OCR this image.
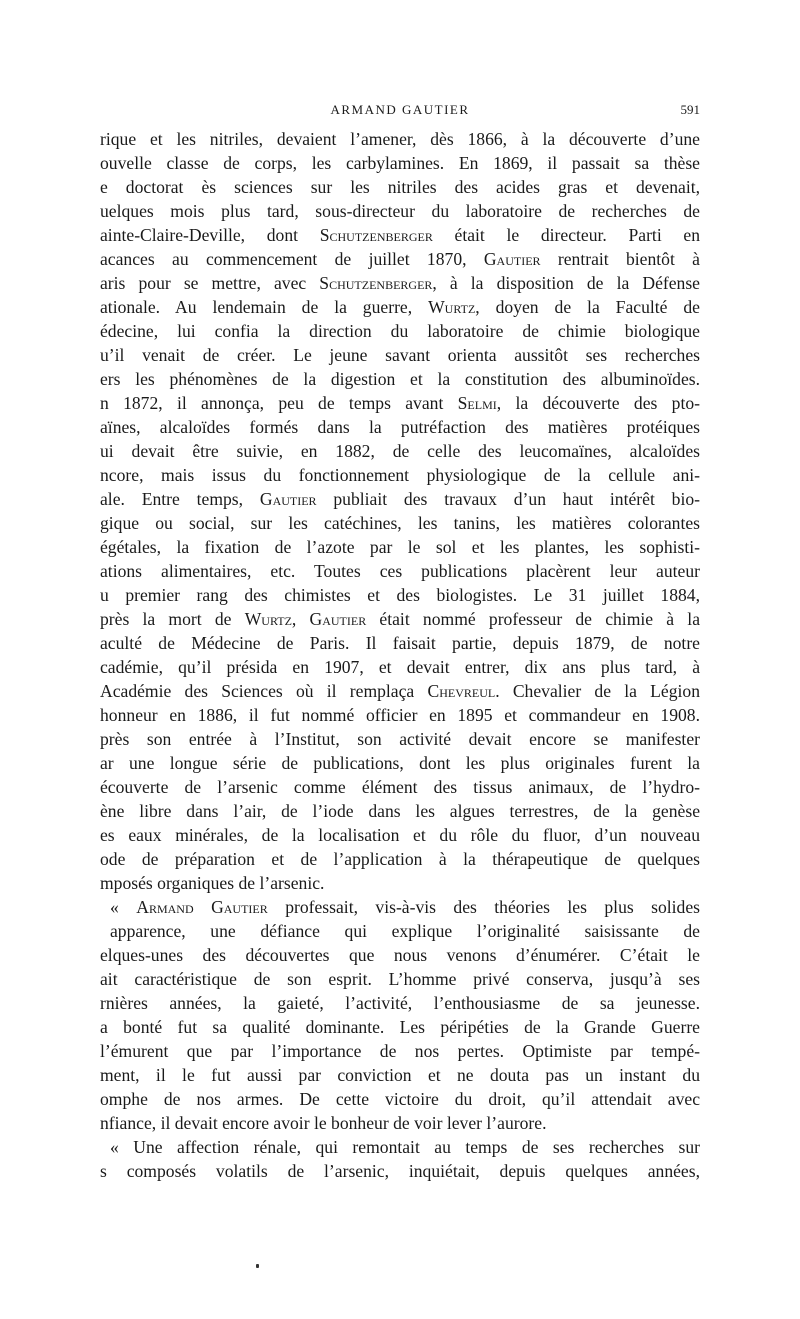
ARMAND GAUTIER	591
rique et les nitriles, devaient l’amener, dès 1866, à la découverte d’une
ouvelle classe de corps, les carbylamines. En 1869, il passait sa thèse
e doctorat ès sciences sur les nitriles des acides gras et devenait,
uelques mois plus tard, sous-directeur du laboratoire de recherches de
ainte-Claire-Deville, dont Schutzenberger était le directeur. Parti en
acances au commencement de juillet 1870, Gautier rentrait bientôt à
aris pour se mettre, avec Schutzenberger, à la disposition de la Défense
ationale. Au lendemain de la guerre, Wurtz, doyen de la Faculté de
édecine, lui confia la direction du laboratoire de chimie biologique
u’il venait de créer. Le jeune savant orienta aussitôt ses recherches
ers les phénomènes de la digestion et la constitution des albuminoïdes.
n 1872, il annonça, peu de temps avant Selmi, la découverte des pto-
aïnes, alcaloïdes formés dans la putréfaction des matières protéiques
ui devait être suivie, en 1882, de celle des leucomaïnes, alcaloïdes
ncore, mais issus du fonctionnement physiologique de la cellule ani-
ale. Entre temps, Gautier publiait des travaux d’un haut intérêt bio-
gique ou social, sur les catéchines, les tanins, les matières colorantes
égétales, la fixation de l’azote par le sol et les plantes, les sophisti-
ations alimentaires, etc. Toutes ces publications placèrent leur auteur
u premier rang des chimistes et des biologistes. Le 31 juillet 1884,
près la mort de Wurtz, Gautier était nommé professeur de chimie à la
aculté de Médecine de Paris. Il faisait partie, depuis 1879, de notre
cadémie, qu’il présida en 1907, et devait entrer, dix ans plus tard, à
Académie des Sciences où il remplaça Chevreul. Chevalier de la Légion
honneur en 1886, il fut nommé officier en 1895 et commandeur en 1908.
près son entrée à l’Institut, son activité devait encore se manifester
ar une longue série de publications, dont les plus originales furent la
écouverte de l’arsenic comme élément des tissus animaux, de l’hydro-
ène libre dans l’air, de l’iode dans les algues terrestres, de la genèse
es eaux minérales, de la localisation et du rôle du fluor, d’un nouveau
ode de préparation et de l’application à la thérapeutique de quelques
mposés organiques de l’arsenic.
« Armand Gautier professait, vis-à-vis des théories les plus solides
apparence, une défiance qui explique l’originalité saisissante de
elques-unes des découvertes que nous venons d’énumérer. C’était le
ait caractéristique de son esprit. L’homme privé conserva, jusqu’à ses
rnières années, la gaieté, l’activité, l’enthousiasme de sa jeunesse.
a bonté fut sa qualité dominante. Les péripéties de la Grande Guerre
l’émurent que par l’importance de nos pertes. Optimiste par tempé-
ment, il le fut aussi par conviction et ne douta pas un instant du
omphe de nos armes. De cette victoire du droit, qu’il attendait avec
nfiance, il devait encore avoir le bonheur de voir lever l’aurore.
« Une affection rénale, qui remontait au temps de ses recherches sur
s composés volatils de l’arsenic, inquiétait, depuis quelques années,
